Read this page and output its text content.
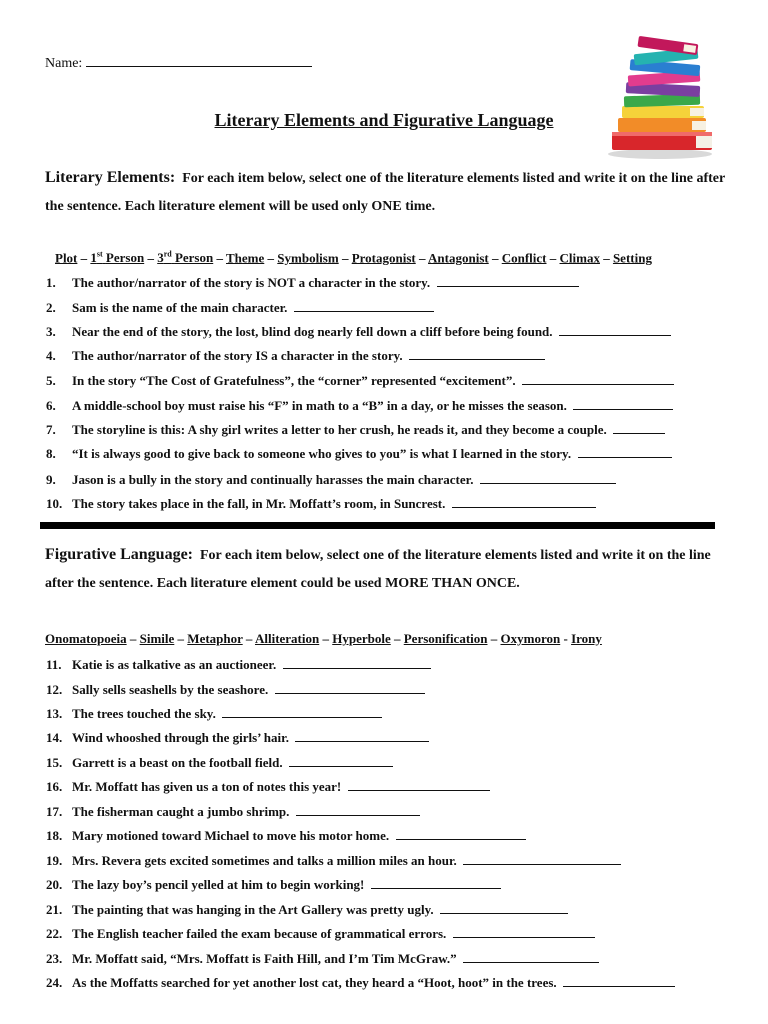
Name:
Literary Elements and Figurative Language
Literary Elements: For each item below, select one of the literature elements listed and write it on the line after the sentence. Each literature element will be used only ONE time.
Plot – 1st Person – 3rd Person – Theme – Symbolism – Protagonist – Antagonist – Conflict – Climax – Setting
1. The author/narrator of the story is NOT a character in the story.
2. Sam is the name of the main character.
3. Near the end of the story, the lost, blind dog nearly fell down a cliff before being found.
4. The author/narrator of the story IS a character in the story.
5. In the story “The Cost of Gratefulness”, the “corner” represented “excitement”.
6. A middle-school boy must raise his “F” in math to a “B” in a day, or he misses the season.
7. The storyline is this: A shy girl writes a letter to her crush, he reads it, and they become a couple.
8. “It is always good to give back to someone who gives to you” is what I learned in the story.
9. Jason is a bully in the story and continually harasses the main character.
10. The story takes place in the fall, in Mr. Moffatt’s room, in Suncrest.
Figurative Language: For each item below, select one of the literature elements listed and write it on the line after the sentence. Each literature element could be used MORE THAN ONCE.
Onomatopoeia – Simile – Metaphor – Alliteration – Hyperbole – Personification – Oxymoron - Irony
11. Katie is as talkative as an auctioneer.
12. Sally sells seashells by the seashore.
13. The trees touched the sky.
14. Wind whooshed through the girls’ hair.
15. Garrett is a beast on the football field.
16. Mr. Moffatt has given us a ton of notes this year!
17. The fisherman caught a jumbo shrimp.
18. Mary motioned toward Michael to move his motor home.
19. Mrs. Revera gets excited sometimes and talks a million miles an hour.
20. The lazy boy’s pencil yelled at him to begin working!
21. The painting that was hanging in the Art Gallery was pretty ugly.
22. The English teacher failed the exam because of grammatical errors.
23. Mr. Moffatt said, “Mrs. Moffatt is Faith Hill, and I’m Tim McGraw.”
24. As the Moffatts searched for yet another lost cat, they heard a “Hoot, hoot” in the trees.
